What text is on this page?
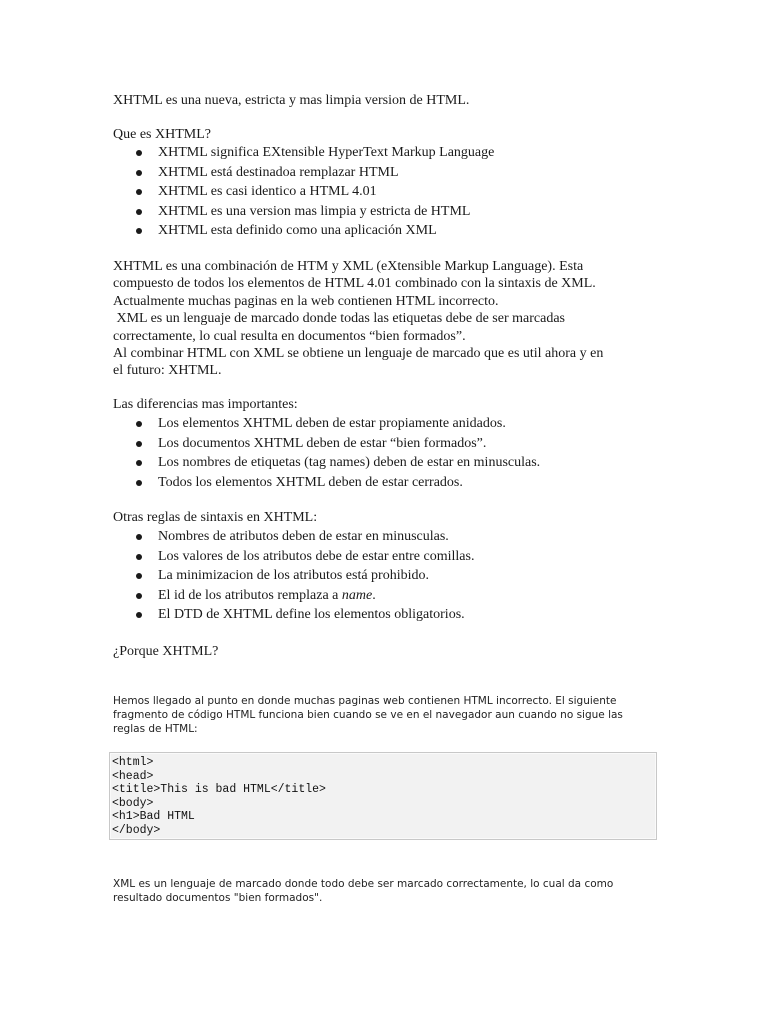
XHTML es una nueva, estricta y mas limpia version de HTML.
Que es XHTML?
XHTML significa EXtensible HyperText Markup Language
XHTML está destinadoa remplazar HTML
XHTML es casi identico a HTML 4.01
XHTML es una version mas limpia y estricta de HTML
XHTML esta definido como una aplicación XML
XHTML es una combinación de HTM y XML (eXtensible Markup Language). Esta
compuesto de todos los elementos de HTML 4.01 combinado con la sintaxis de XML.
Actualmente muchas paginas en la web contienen HTML incorrecto.
XML es un lenguaje de marcado donde todas las etiquetas debe de ser marcadas
correctamente, lo cual resulta en documentos “bien formados”.
Al combinar HTML con XML se obtiene un lenguaje de marcado que es util ahora y en
el futuro: XHTML.
Las diferencias mas importantes:
Los elementos XHTML deben de estar propiamente anidados.
Los documentos XHTML deben de estar “bien formados”.
Los nombres de etiquetas (tag names) deben de estar en minusculas.
Todos los elementos XHTML deben de estar cerrados.
Otras reglas de sintaxis en XHTML:
Nombres de atributos deben de estar en minusculas.
Los valores de los atributos debe de estar entre comillas.
La minimizacion de los atributos está prohibido.
El id de los atributos remplaza a name.
El DTD de XHTML define los elementos obligatorios.
¿Porque XHTML?
Hemos llegado al punto en donde muchas paginas web contienen HTML incorrecto. El siguiente
fragmento de código HTML funciona bien cuando se ve en el navegador aun cuando no sigue las
reglas de HTML:
<html>
<head>
<title>This is bad HTML</title>
<body>
<h1>Bad HTML
</body>
XML es un lenguaje de marcado donde todo debe ser marcado correctamente, lo cual da como
resultado documentos "bien formados".
